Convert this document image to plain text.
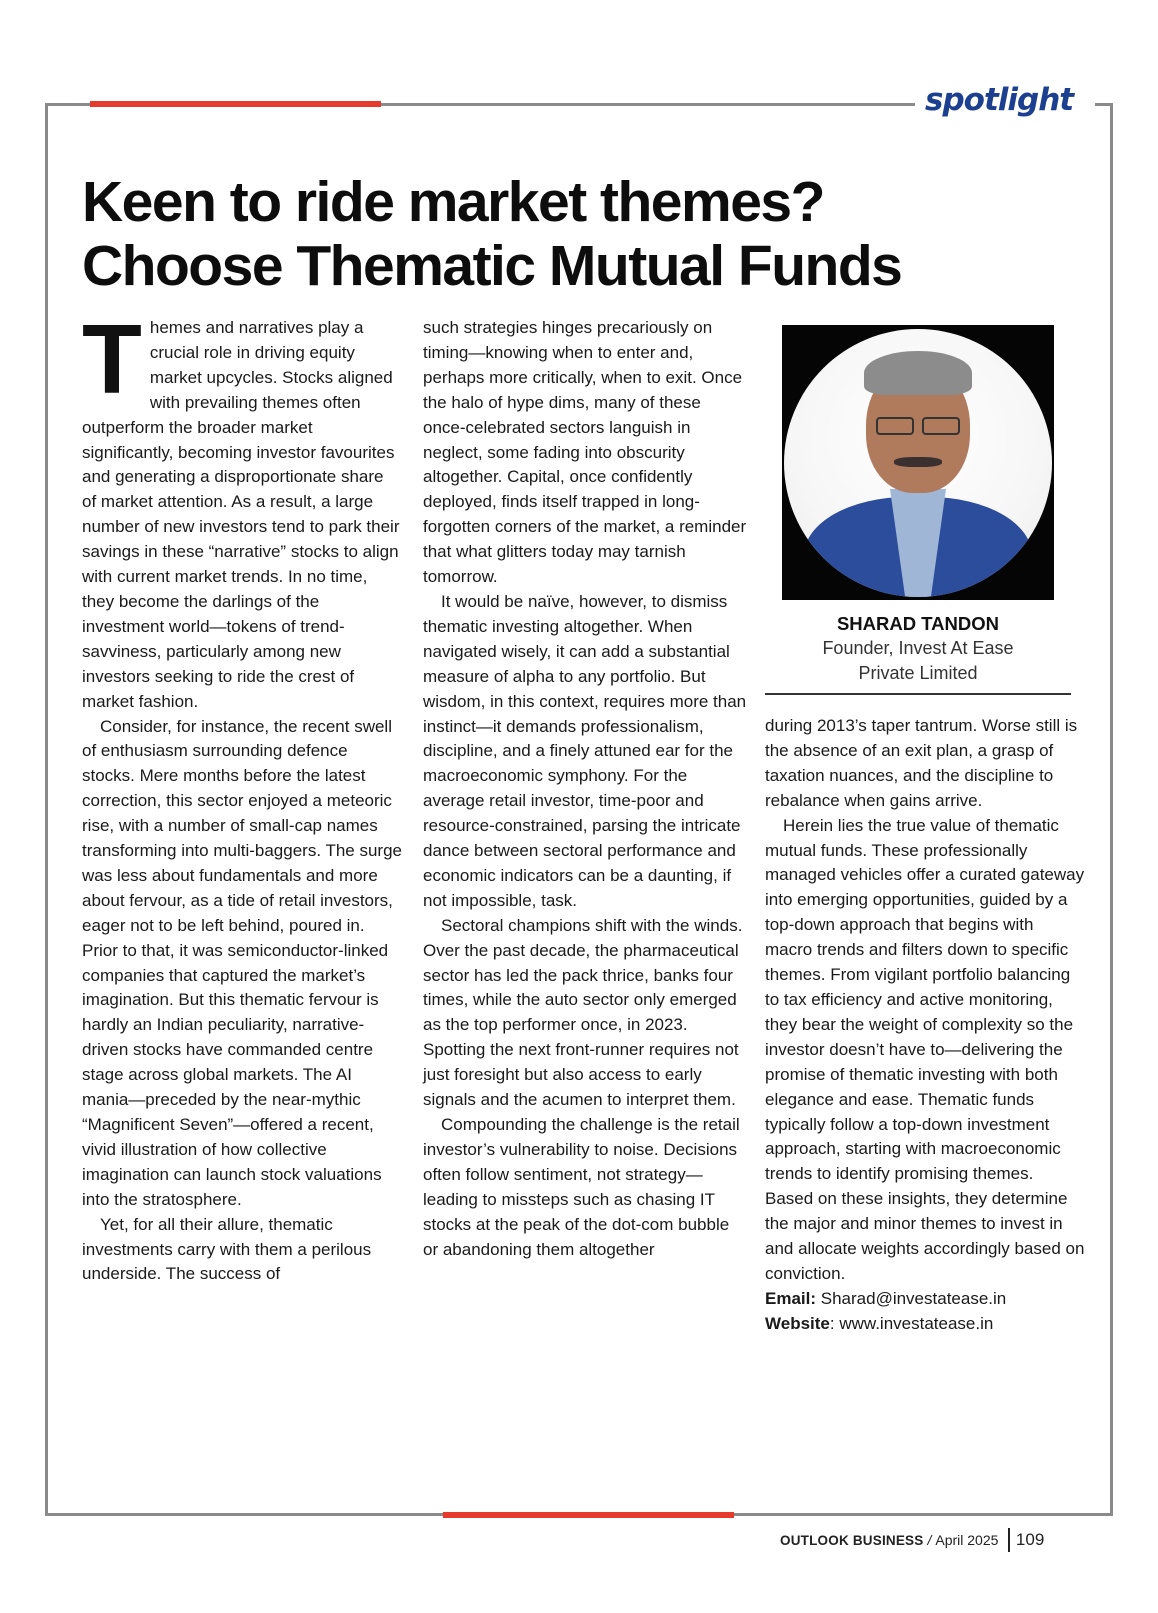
spotlight
Keen to ride market themes?
Choose Thematic Mutual Funds

Themes and narratives play a crucial role in driving equity market upcycles. Stocks aligned with prevailing themes often outperform the broader market significantly, becoming investor favourites and generating a disproportionate share of market attention. As a result, a large number of new investors tend to park their savings in these “narrative” stocks to align with current market trends. In no time, they become the darlings of the investment world—tokens of trend-savviness, particularly among new investors seeking to ride the crest of market fashion.

Consider, for instance, the recent swell of enthusiasm surrounding defence stocks. Mere months before the latest correction, this sector enjoyed a meteoric rise, with a number of small-cap names transforming into multi-baggers. The surge was less about fundamentals and more about fervour, as a tide of retail investors, eager not to be left behind, poured in. Prior to that, it was semiconductor-linked companies that captured the market’s imagination. But this thematic fervour is hardly an Indian peculiarity, narrative-driven stocks have commanded centre stage across global markets. The AI mania—preceded by the near-mythic “Magnificent Seven”—offered a recent, vivid illustration of how collective imagination can launch stock valuations into the stratosphere.

Yet, for all their allure, thematic investments carry with them a perilous underside. The success of

such strategies hinges precariously on timing—knowing when to enter and, perhaps more critically, when to exit. Once the halo of hype dims, many of these once-celebrated sectors languish in neglect, some fading into obscurity altogether. Capital, once confidently deployed, finds itself trapped in long-forgotten corners of the market, a reminder that what glitters today may tarnish tomorrow.

It would be naïve, however, to dismiss thematic investing altogether. When navigated wisely, it can add a substantial measure of alpha to any portfolio. But wisdom, in this context, requires more than instinct—it demands professionalism, discipline, and a finely attuned ear for the macroeconomic symphony. For the average retail investor, time-poor and resource-constrained, parsing the intricate dance between sectoral performance and economic indicators can be a daunting, if not impossible, task.

Sectoral champions shift with the winds. Over the past decade, the pharmaceutical sector has led the pack thrice, banks four times, while the auto sector only emerged as the top performer once, in 2023. Spotting the next front-runner requires not just foresight but also access to early signals and the acumen to interpret them.

Compounding the challenge is the retail investor’s vulnerability to noise. Decisions often follow sentiment, not strategy—leading to missteps such as chasing IT stocks at the peak of the dot-com bubble or abandoning them altogether

SHARAD TANDON
Founder, Invest At Ease
Private Limited

during 2013’s taper tantrum. Worse still is the absence of an exit plan, a grasp of taxation nuances, and the discipline to rebalance when gains arrive.

Herein lies the true value of thematic mutual funds. These professionally managed vehicles offer a curated gateway into emerging opportunities, guided by a top-down approach that begins with macro trends and filters down to specific themes. From vigilant portfolio balancing to tax efficiency and active monitoring, they bear the weight of complexity so the investor doesn’t have to—delivering the promise of thematic investing with both elegance and ease. Thematic funds typically follow a top-down investment approach, starting with macroeconomic trends to identify promising themes. Based on these insights, they determine the major and minor themes to invest in and allocate weights accordingly based on conviction.

Email: Sharad@investatease.in

Website: www.investatease.in

OUTLOOK BUSINESS / April 2025 109
